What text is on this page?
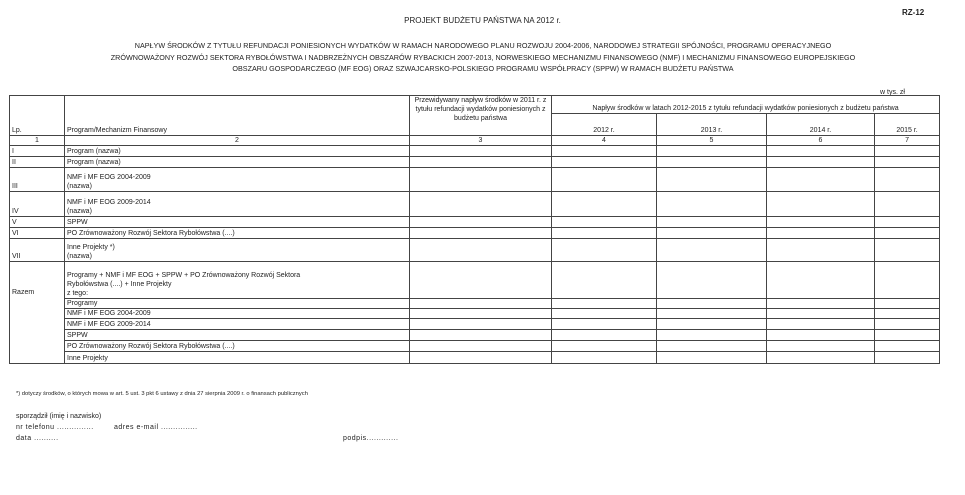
RZ-12
PROJEKT BUDŻETU PAŃSTWA NA 2012 r.
NAPŁYW ŚRODKÓW Z TYTUŁU REFUNDACJI PONIESIONYCH WYDATKÓW W RAMACH NARODOWEGO PLANU ROZWOJU 2004-2006, NARODOWEJ STRATEGII SPÓJNOŚCI, PROGRAMU OPERACYJNEGO
ZRÓWNOWAŻONY ROZWÓJ SEKTORA RYBOŁÓWSTWA I NADBRZEŻNYCH OBSZARÓW RYBACKICH 2007-2013, NORWESKIEGO MECHANIZMU FINANSOWEGO (NMF) I MECHANIZMU FINANSOWEGO EUROPEJSKIEGO
OBSZARU GOSPODARCZEGO (MF EOG) ORAZ SZWAJCARSKO-POLSKIEGO PROGRAMU WSPÓŁPRACY (SPPW) W RAMACH BUDŻETU PAŃSTWA
w tys. zł
Lp.	Program/Mechanizm Finansowy	Przewidywany napływ środków w 2011 r. z tytułu refundacji wydatków poniesionych z budżetu państwa	Napływ środków w latach 2012-2015 z tytułu refundacji wydatków poniesionych z budżetu państwa			
			2012 r.	2013 r.	2014 r.	2015 r.
1	2	3	4	5	6	7
I	Program (nazwa)					
II	Program (nazwa)					
III	NMF i MF EOG 2004-2009
(nazwa)					

IV	NMF i MF EOG 2009-2014
(nazwa)					

V	SPPW					
VI	PO Zrównoważony Rozwój Sektora Rybołówstwa (....)					
VII	Inne Projekty *)
(nazwa)					

Razem	Programy + NMF i MF EOG + SPPW + PO Zrównoważony Rozwój Sektora
Rybołówstwa (....) + Inne Projekty
z tego:					

	Programy					
	NMF i MF EOG 2004-2009					
	NMF i MF EOG 2009-2014					
	SPPW					
	PO Zrównoważony Rozwój Sektora Rybołówstwa (....)					
	Inne Projekty					
*) dotyczy środków, o których mowa w art. 5 ust. 3 pkt 6 ustawy z dnia 27 sierpnia 2009 r. o finansach publicznych
sporządził (imię i nazwisko)
nr telefonu ...............	adres e-mail ...............
data ..........	podpis.............
